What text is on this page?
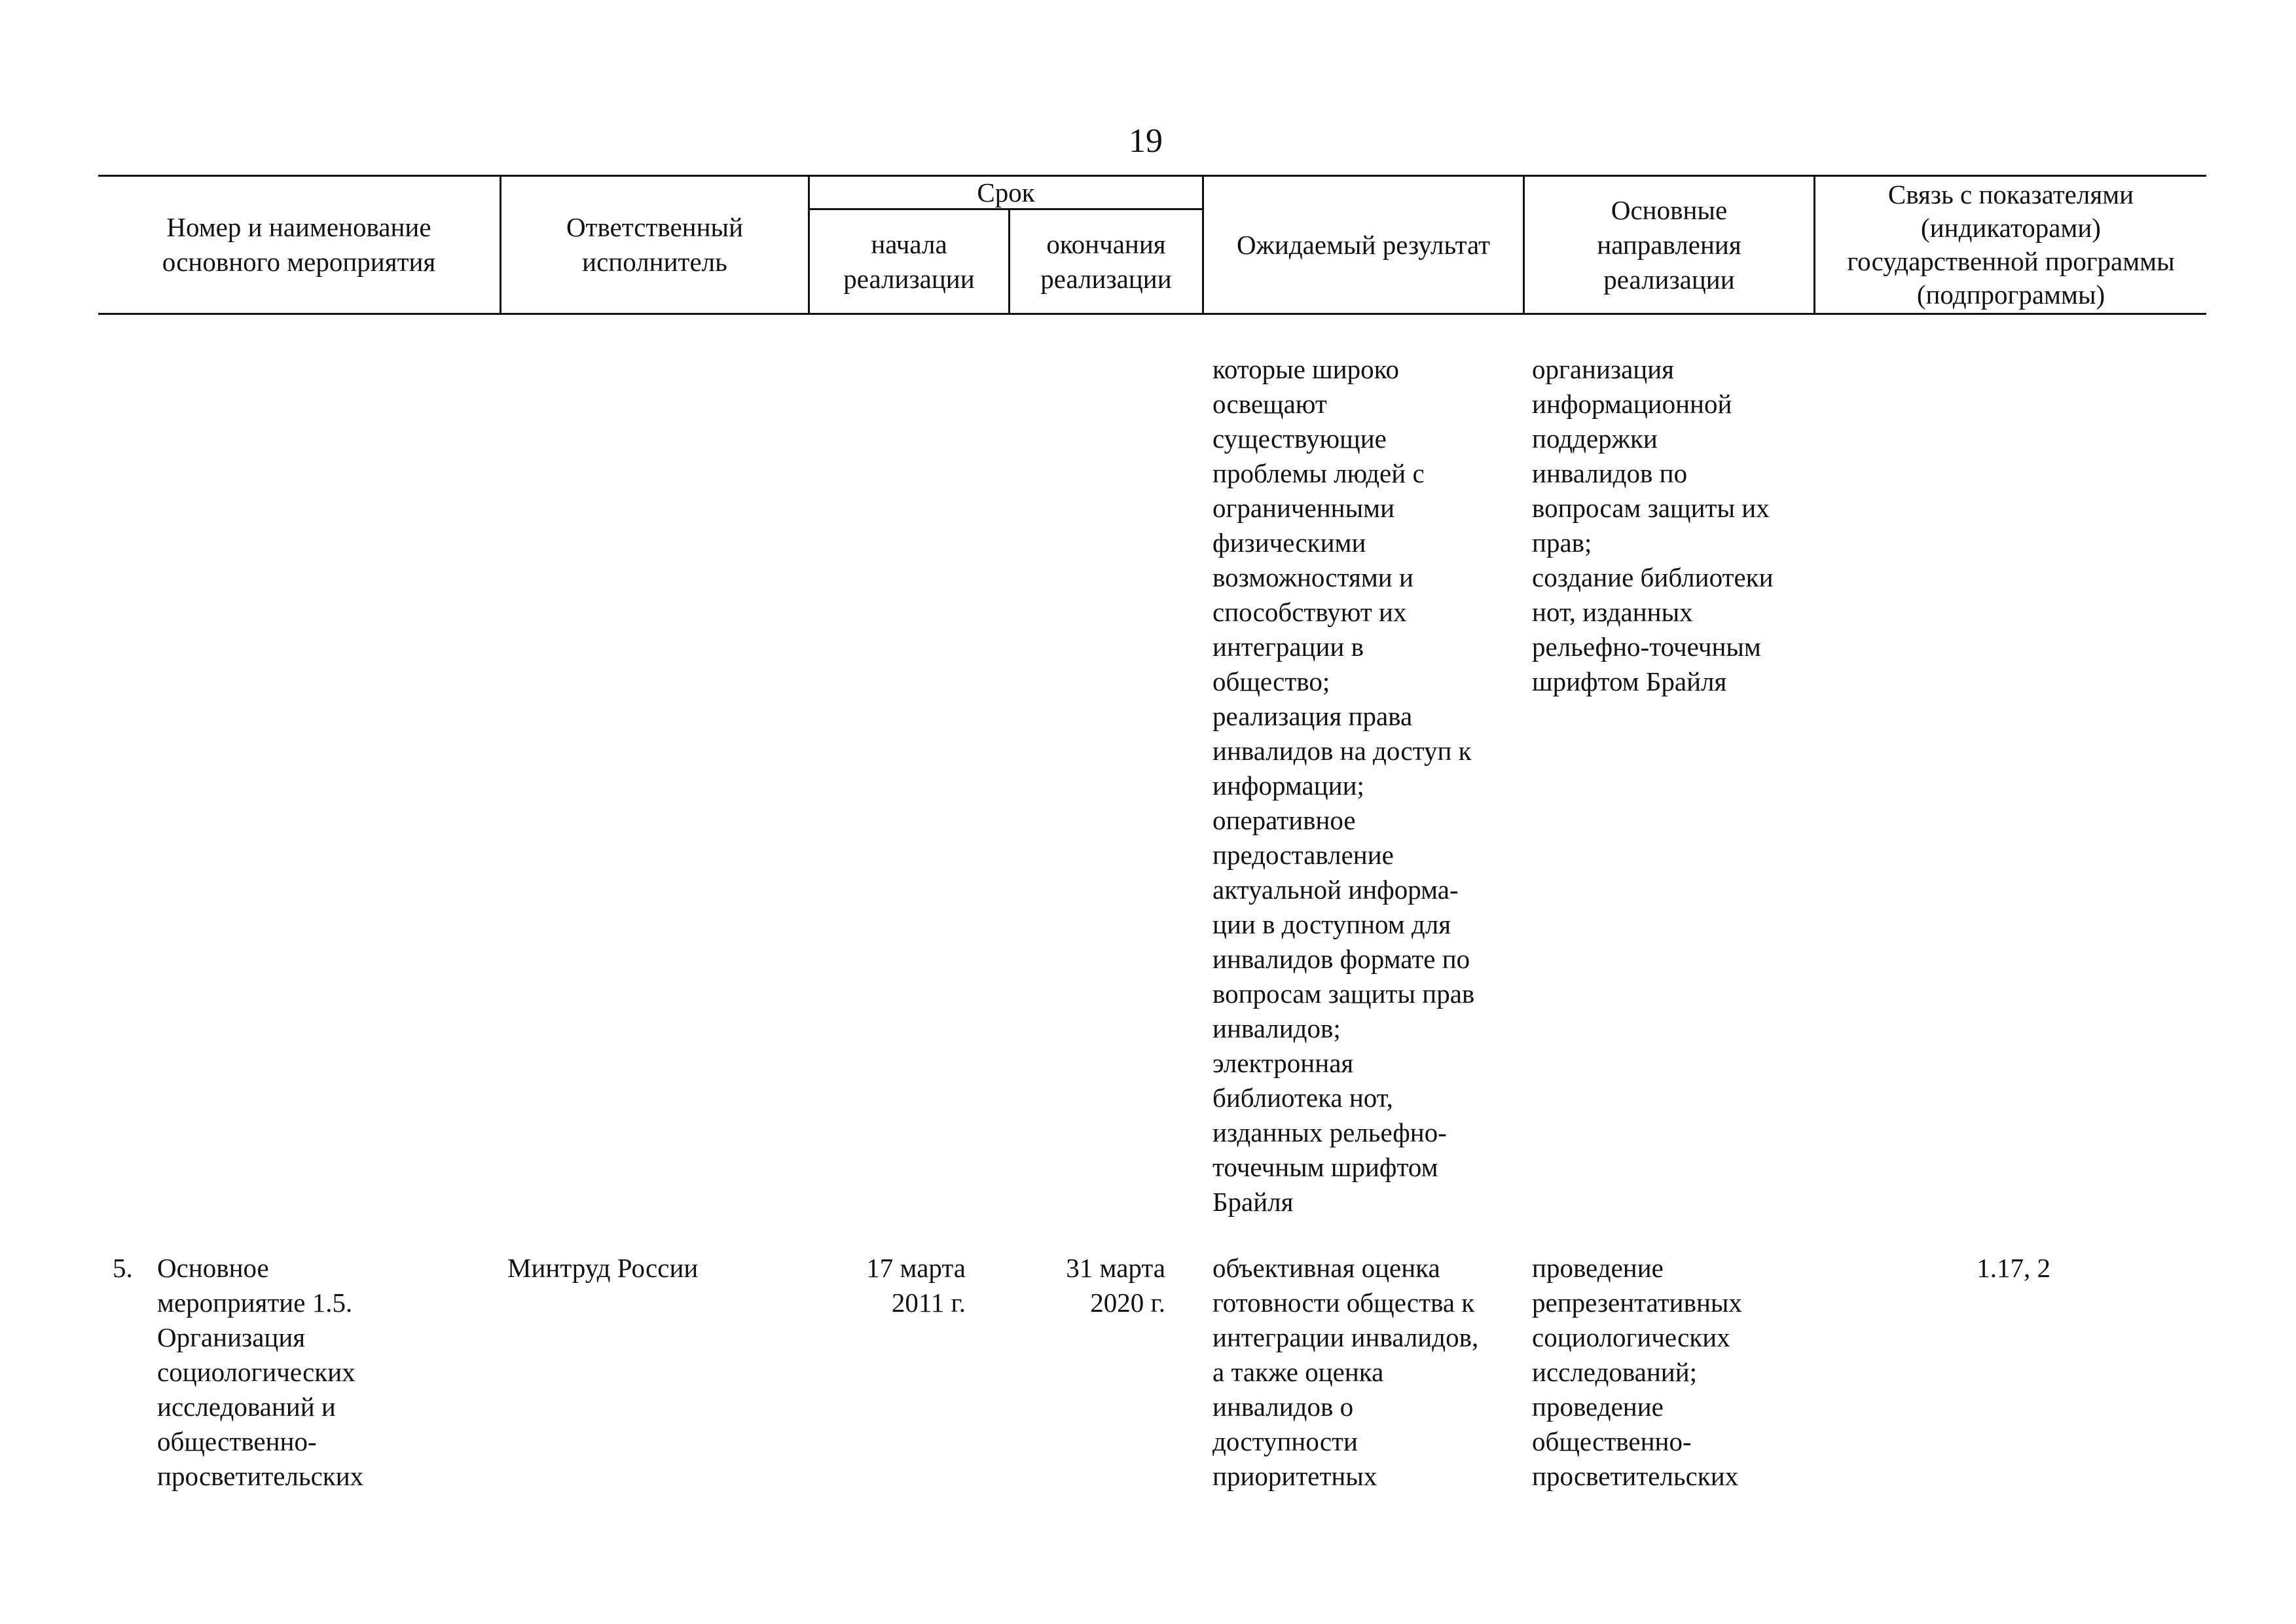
19
Номер и наименование
основного мероприятия
Ответственный
исполнитель
Срок
начала
реализации
окончания
реализации
Ожидаемый результат
Основные
направления
реализации
Связь с показателями
(индикаторами)
государственной программы
(подпрограммы)
которые широко
освещают
существующие
проблемы людей с
ограниченными
физическими
возможностями и
способствуют их
интеграции в
общество;
реализация права
инвалидов на доступ к
информации;
оперативное
предоставление
актуальной информа-
ции в доступном для
инвалидов формате по
вопросам защиты прав
инвалидов;
электронная
библиотека нот,
изданных рельефно-
точечным шрифтом
Брайля
организация
информационной
поддержки
инвалидов по
вопросам защиты их
прав;
создание библиотеки
нот, изданных
рельефно-точечным
шрифтом Брайля
5. Основное
мероприятие 1.5.
Организация
социологических
исследований и
общественно-
просветительских
Минтруд России	17 марта
2011 г.
31 марта
2020 г.
объективная оценка
готовности общества к
интеграции инвалидов,
а также оценка
инвалидов о
доступности
приоритетных
проведение
репрезентативных
социологических
исследований;
проведение
общественно-
просветительских
1.17, 2
